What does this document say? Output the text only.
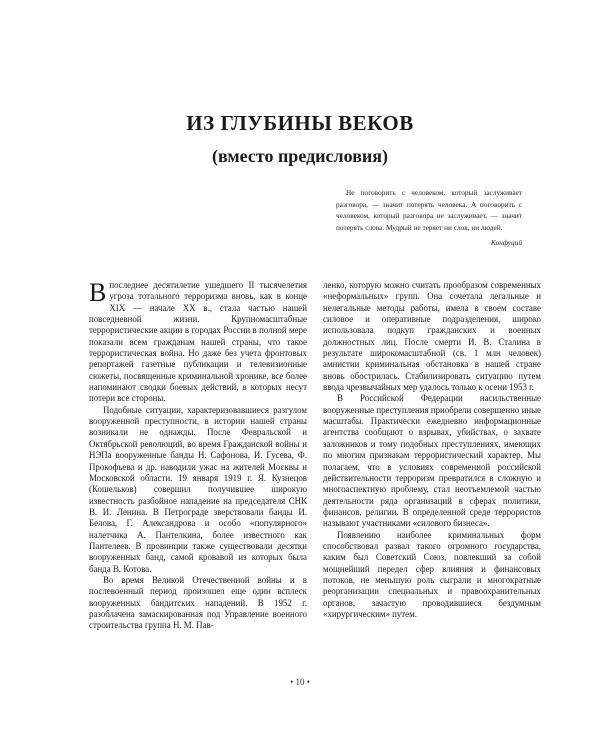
ИЗ ГЛУБИНЫ ВЕКОВ
(вместо предисловия)

Не поговорить с человеком, который заслуживает разговора, — значит потерять человека. А поговорить с человеком, который разговора не заслуживает, — значит потерять слова. Мудрый не теряет ни слов, ни людей.

Конфуций

Впоследнее десятилетие ушедшего II тысячелетия угроза тотального терроризма вновь, как в конце XIX — начале XX в., стала частью нашей повседневной жизни. Крупномасштабные террористические акции в городах России в полной мере показали всем гражданам нашей страны, что такое террористическая война. Но даже без учета фронтовых репортажей газетные публикации и телевизионные сюжеты, посвященные криминальной хронике, все более напоминают сводки боевых действий, в которых несут потери все стороны.

Подобные ситуации, характеризовавшиеся разгулом вооруженной преступности, в истории нашей страны возникали не однажды. После Февральской и Октябрьской революций, во время Гражданской войны и НЭПа вооруженные банды Н. Сафонова, И. Гусева, Ф. Прокофьева и др. наводили ужас на жителей Москвы и Московской области. 19 января 1919 г. Я. Кузнецов (Кошельков) совершил получившее широкую известность разбойное нападение на председателя СНК В. И. Ленина. В Петрограде зверствовали банды И. Белова, Г. Александрова и особо «популярного» налетчика А. Пантелкина, более известного как Пантелеев. В провинции также существовали десятки вооруженных банд, самой кровавой из которых была банда В. Котова.

Во время Великой Отечественной войны и в послевоенный период произошел еще один всплеск вооруженных бандитских нападений. В 1952 г. разоблачена замаскированная под Управление военного строительства группа Н. М. Пав-

ленко, которую можно считать прообразом современных «неформальных» групп. Она сочетала легальные и нелегальные методы работы, имела в своем составе силовое и оперативные подразделения, широко использовала подкуп гражданских и военных должностных лиц. После смерти И. В. Сталина в результате широкомасштабной (св. 1 млн человек) амнистии криминальная обстановка в нашей стране вновь обострилась. Стабилизировать ситуацию путем ввода чрезвычайных мер удалось только к осени 1953 г.

В Российской Федерации насильственные вооруженные преступления приобрели совершенно иные масштабы. Практически ежедневно информационные агентства сообщают о взрывах, убийствах, о захвате заложников и тому подобных преступлениях, имеющих по многим признакам террористический характер. Мы полагаем, что в условиях современной российской действительности терроризм превратился в сложную и многоаспектную проблему, стал неотъемлемой частью деятельности ряда организаций в сферах политики, финансов, религии. В определенной среде террористов называют участниками «силового бизнеса».

Появлению наиболее криминальных форм способствовал развал такого огромного государства, каким был Советский Союз, повлекший за собой мощнейший передел сфер влияния и финансовых потоков, не меньшую роль сыграли и многократные реорганизации специальных и правоохранительных органов, зачастую проводившиеся бездумным «хирургическим» путем.

• 10 •
